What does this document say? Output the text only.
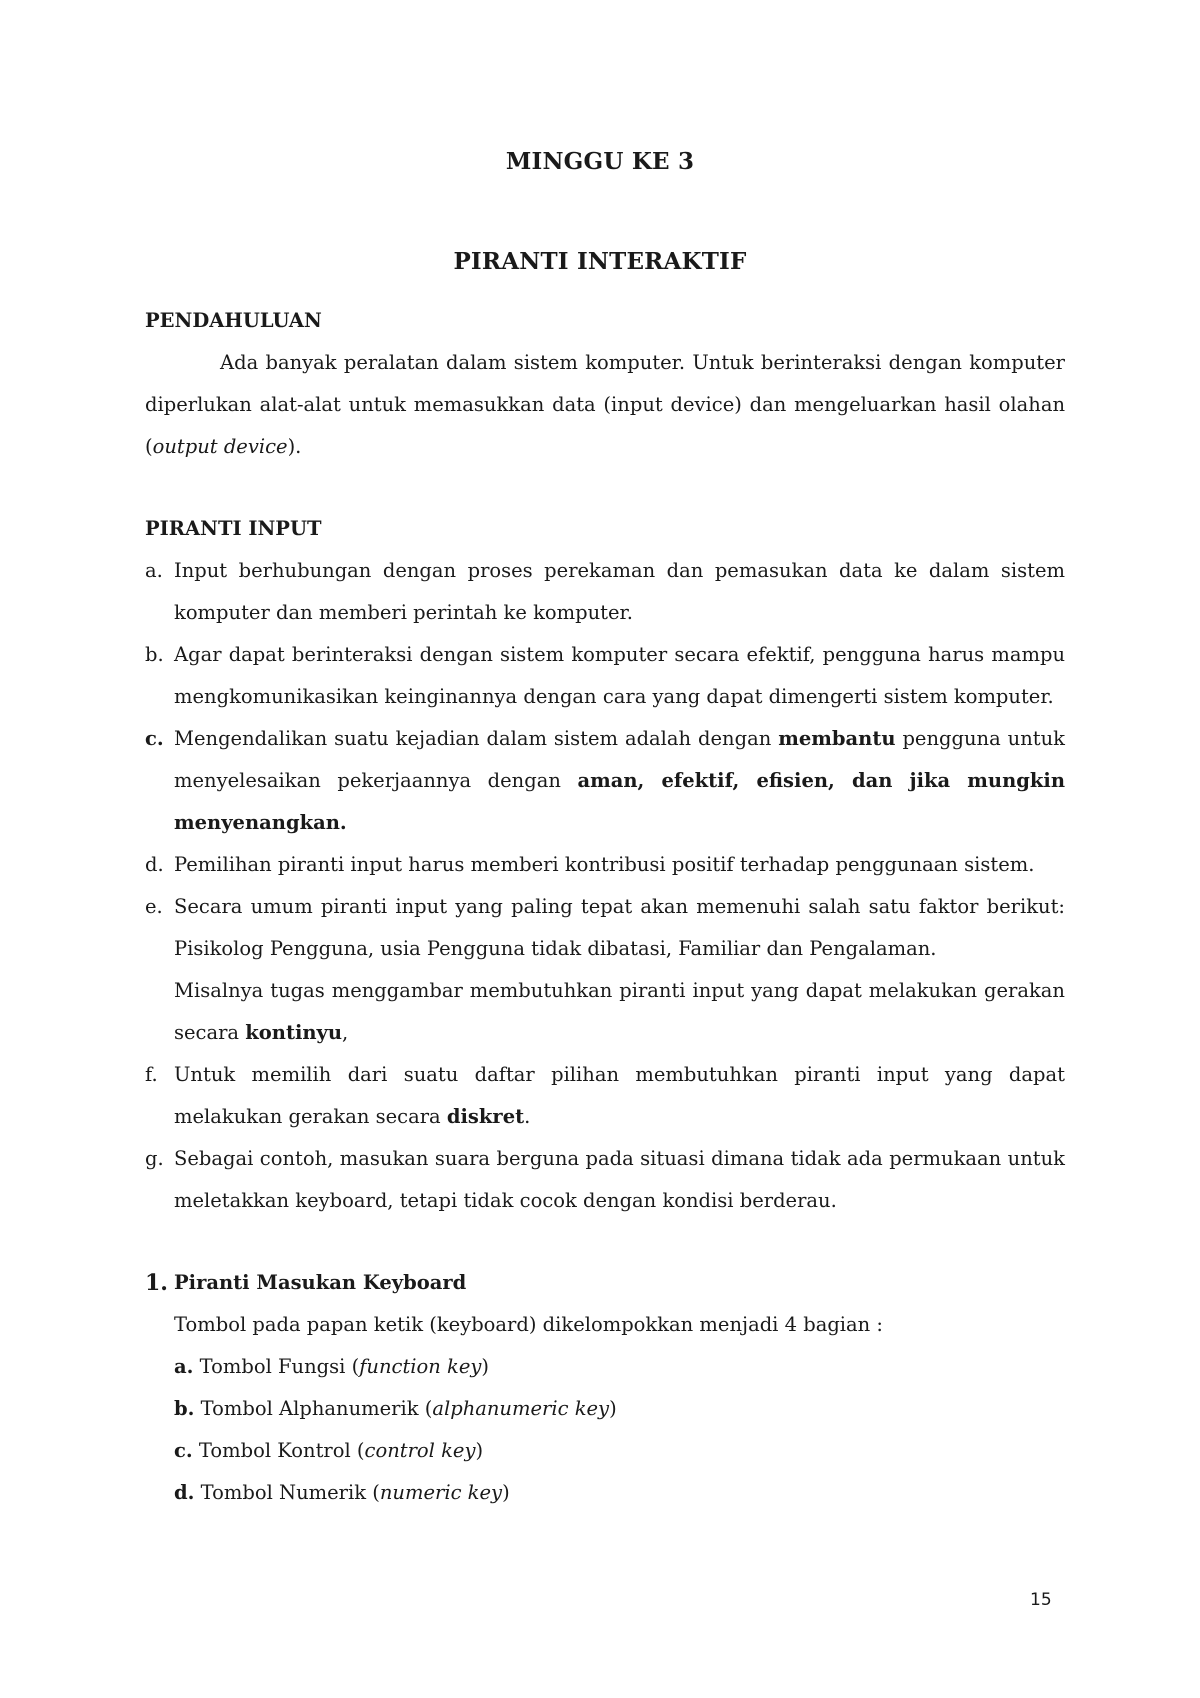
MINGGU KE 3
PIRANTI INTERAKTIF
PENDAHULUAN

Ada banyak peralatan dalam sistem komputer. Untuk berinteraksi dengan komputer diperlukan alat-alat untuk memasukkan data (input device) dan mengeluarkan hasil olahan (output device).

PIRANTI INPUT
a. Input berhubungan dengan proses perekaman dan pemasukan data ke dalam sistem komputer dan memberi perintah ke komputer.
b. Agar dapat berinteraksi dengan sistem komputer secara efektif, pengguna harus mampu mengkomunikasikan keinginannya dengan cara yang dapat dimengerti sistem komputer.
c. Mengendalikan suatu kejadian dalam sistem adalah dengan membantu pengguna untuk menyelesaikan pekerjaannya dengan aman, efektif, efisien, dan jika mungkin menyenangkan.
d. Pemilihan piranti input harus memberi kontribusi positif terhadap penggunaan sistem.
e. Secara umum piranti input yang paling tepat akan memenuhi salah satu faktor berikut: Pisikolog Pengguna, usia Pengguna tidak dibatasi, Familiar dan Pengalaman.
Misalnya tugas menggambar membutuhkan piranti input yang dapat melakukan gerakan secara kontinyu,
f. Untuk memilih dari suatu daftar pilihan membutuhkan piranti input yang dapat melakukan gerakan secara diskret.
g. Sebagai contoh, masukan suara berguna pada situasi dimana tidak ada permukaan untuk meletakkan keyboard, tetapi tidak cocok dengan kondisi berderau.
1. Piranti Masukan Keyboard
Tombol pada papan ketik (keyboard) dikelompokkan menjadi 4 bagian :
a. Tombol Fungsi (function key)
b. Tombol Alphanumerik (alphanumeric key)
c. Tombol Kontrol (control key)
d. Tombol Numerik (numeric key)
15
